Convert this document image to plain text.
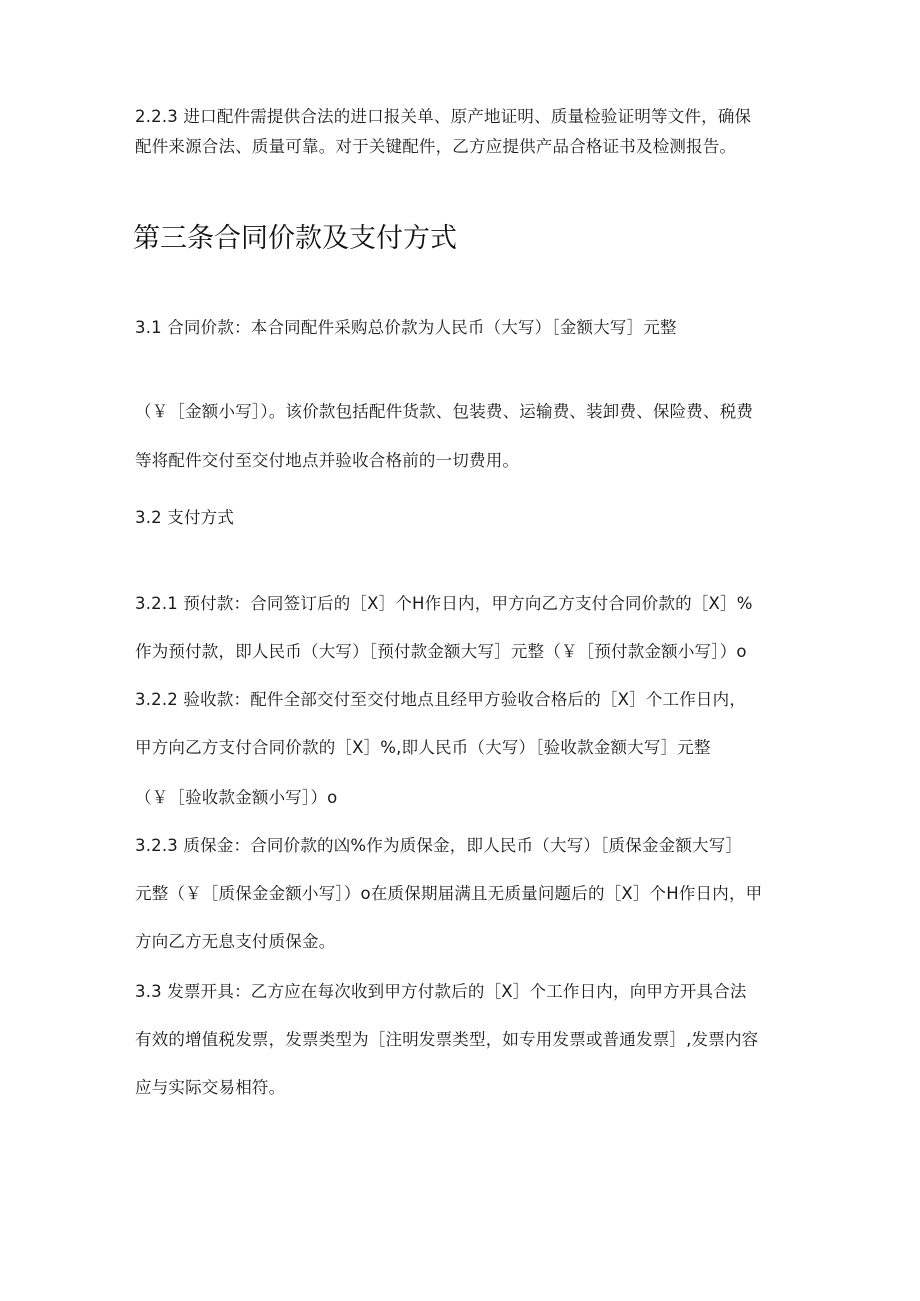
2.2.3 进口配件需提供合法的进口报关单、原产地证明、质量检验证明等文件，确保
配件来源合法、质量可靠。对于关键配件，乙方应提供产品合格证书及检测报告。
第三条合同价款及支付方式
3.1 合同价款：本合同配件采购总价款为人民币（大写）［金额大写］元整
（￥［金额小写］）。该价款包括配件货款、包装费、运输费、装卸费、保险费、税费
等将配件交付至交付地点并验收合格前的一切费用。
3.2 支付方式
3.2.1 预付款：合同签订后的［X］个H作日内，甲方向乙方支付合同价款的［X］%
作为预付款，即人民币（大写）［预付款金额大写］元整（￥［预付款金额小写］）o
3.2.2 验收款：配件全部交付至交付地点且经甲方验收合格后的［X］个工作日内，
甲方向乙方支付合同价款的［X］%,即人民币（大写）［验收款金额大写］元整
（￥［验收款金额小写］）o
3.2.3 质保金：合同价款的凶%作为质保金，即人民币（大写）［质保金金额大写］
元整（￥［质保金金额小写］）o在质保期届满且无质量问题后的［X］个H作日内，甲
方向乙方无息支付质保金。
3.3 发票开具：乙方应在每次收到甲方付款后的［X］个工作日内，向甲方开具合法
有效的增值税发票，发票类型为［注明发票类型，如专用发票或普通发票］,发票内容
应与实际交易相符。
